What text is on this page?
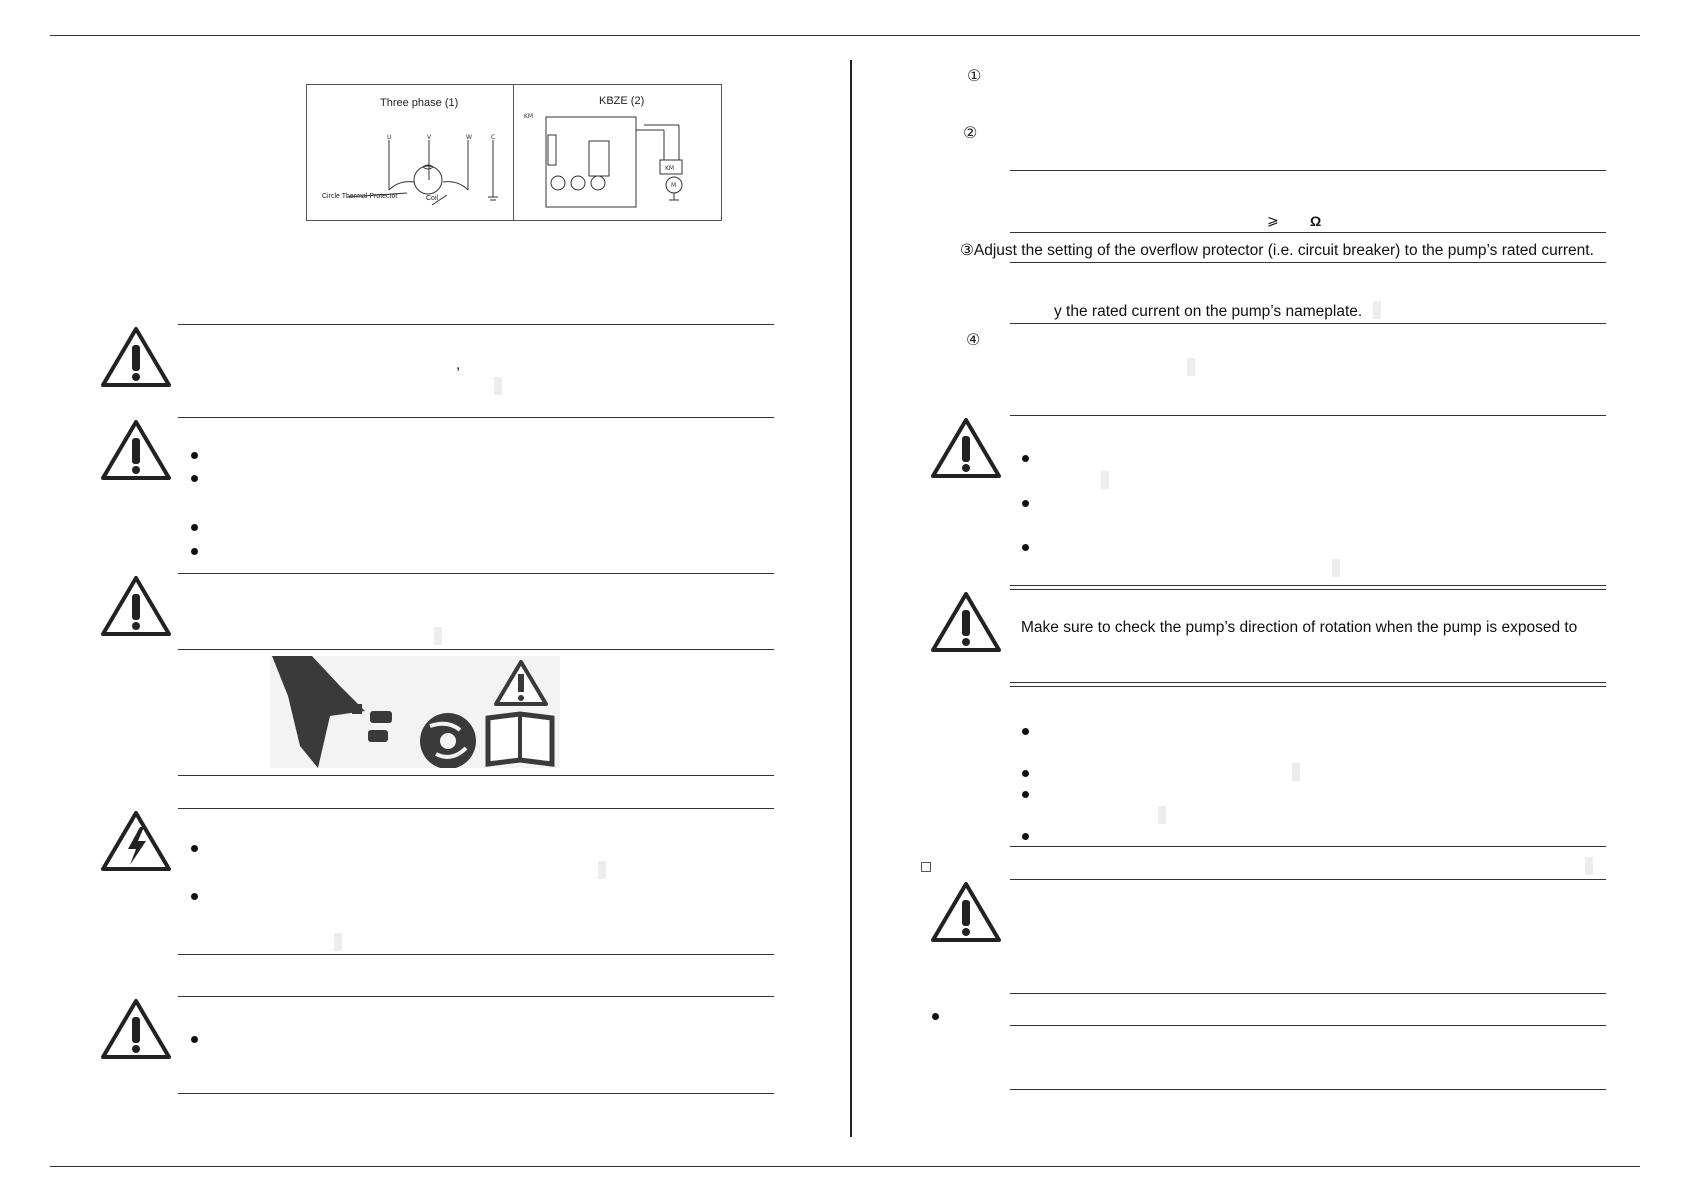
Three phase (1)
U	V	W	C
Circle Thermal Protector	Coil
KBZE (2)
KM
M
KM
,
①
②
⩾ Ω
③Adjust the setting of the overflow protector (i.e. circuit breaker) to the pump’s rated current.
y the rated current on the pump’s nameplate.
④
Make sure to check the pump’s direction of rotation when the pump is exposed to
